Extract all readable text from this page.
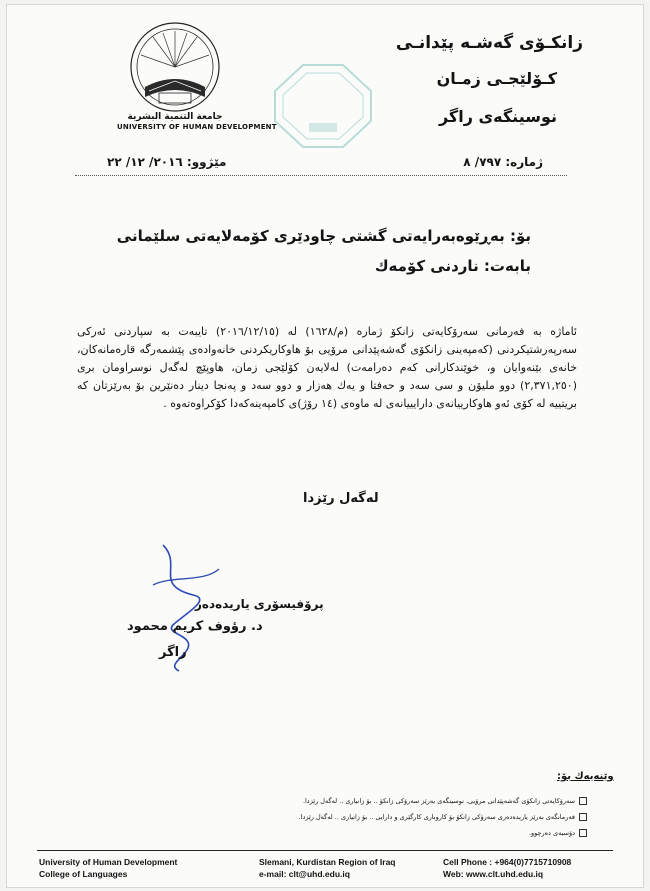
زانكـۆی گەشـە پێدانـی
كـۆلێجـی زمـان
نوسینگەی راگر
جامعة التنمية البشرية
UNIVERSITY OF HUMAN DEVELOPMENT
ژمارە: ٧٩٧/ ٨
مێژوو: ٢٠١٦/ ١٢/ ٢٢
بۆ: بەڕێوەبەرایەتی گشتی چاودێری كۆمەلایەتی سلێمانی
بابەت: ناردنی كۆمەك
ئاماژە بە فەرمانی سەرۆكایەتی زانكۆ ژمارە (م/١٦٢٨) لە (٢٠١٦/١٢/١٥) تایبەت بە سپاردنی ئەركی سەرپەرشتیكردنی (كەمپەینی زانكۆی گەشەپێدانی مرۆیی بۆ هاوكاریكردنی خانەوادەی پێشمەرگە قارەمانەكان، خانەی بێنەوایان و، خوێندكارانی كەم دەرامەت) لەلایەن كۆلێجی زمان، هاوپێچ لەگەل نوسراومان بری (٢,٣٧١,٢٥٠) دوو ملیۆن و سی سەد و حەفتا و یەك هەزار و دوو سەد و پەنجا دینار دەنێرین بۆ بەرێزتان كە بریتییە لە كۆی ئەو هاوكارییانەی دارایییانەی لە ماوەی (١٤ رۆژ)ی كامپەینەكەدا كۆكراوەتەوە .
لەگەل رێزدا
پرۆفیسۆری یاریدەدەر
د. رؤوف كريم محمود
راگر
وێنەیەك بۆ:
سەرۆكایەتی زانكۆی گەشەپێدانی مرۆیی. نوسینگەی بەرێز سەرۆكی زانكۆ .. بۆ زانیاری .. لەگەل رێزدا.
فەرمانگەی بەرێز یاریدەدەری سەرۆكی زانكۆ بۆ كاروباری كارگێری و دارایی .. بۆ زانیاری .. لەگەل رێزدا.
دۆسیەی دەرچوو.
University of Human Development
College of Languages
Slemani, Kurdistan Region of Iraq
e-mail: clt@uhd.edu.iq
Cell Phone : +964(0)7715710908
Web: www.clt.uhd.edu.iq
